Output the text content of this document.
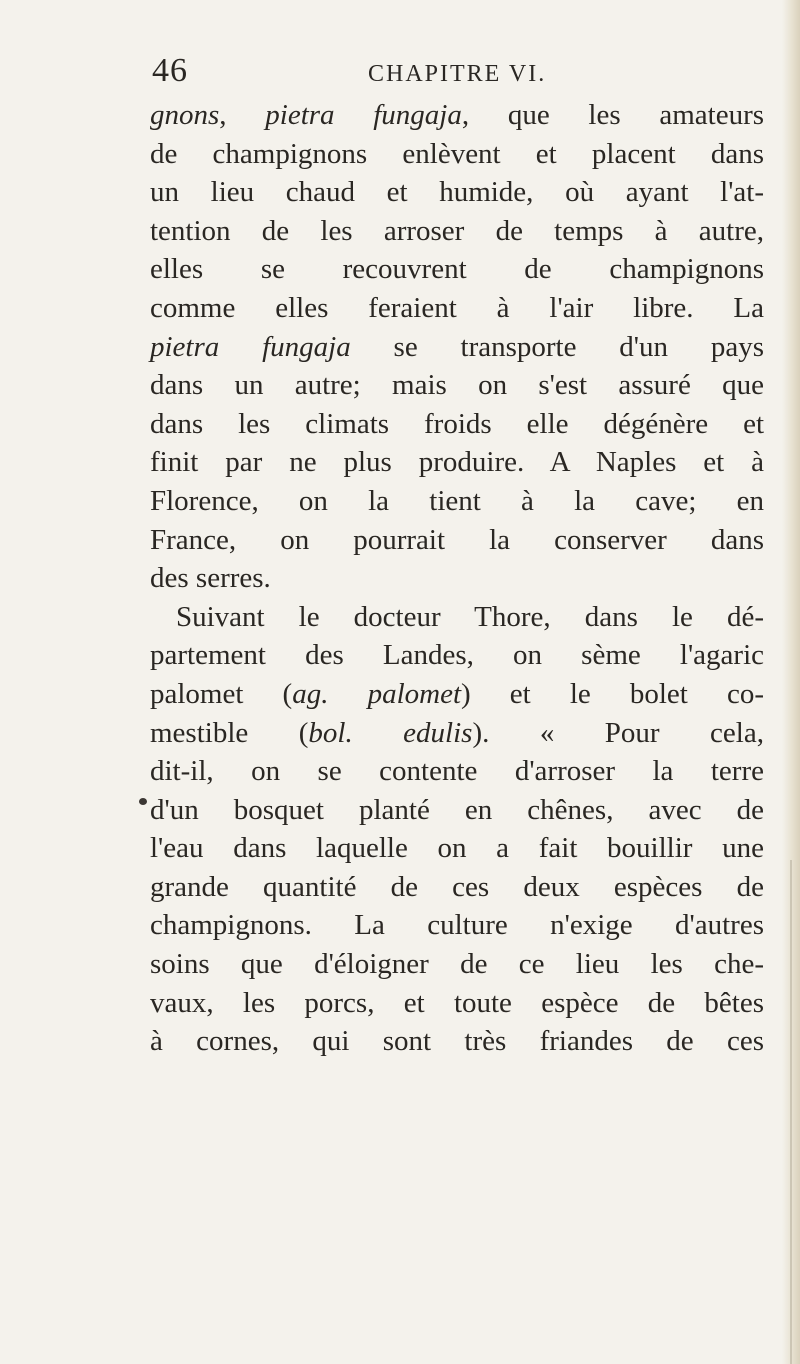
46	CHAPITRE VI.
gnons, pietra fungaja, que les amateurs
de champignons enlèvent et placent dans
un lieu chaud et humide, où ayant l'at-
tention de les arroser de temps à autre,
elles se recouvrent de champignons
comme elles feraient à l'air libre. La
pietra fungaja se transporte d'un pays
dans un autre; mais on s'est assuré que
dans les climats froids elle dégénère et
finit par ne plus produire. A Naples et à
Florence, on la tient à la cave; en
France, on pourrait la conserver dans
des serres.
Suivant le docteur Thore, dans le dé-
partement des Landes, on sème l'agaric
palomet (ag. palomet) et le bolet co-
mestible (bol. edulis). « Pour cela,
dit-il, on se contente d'arroser la terre
d'un bosquet planté en chênes, avec de
l'eau dans laquelle on a fait bouillir une
grande quantité de ces deux espèces de
champignons. La culture n'exige d'autres
soins que d'éloigner de ce lieu les che-
vaux, les porcs, et toute espèce de bêtes
à cornes, qui sont très friandes de ces
